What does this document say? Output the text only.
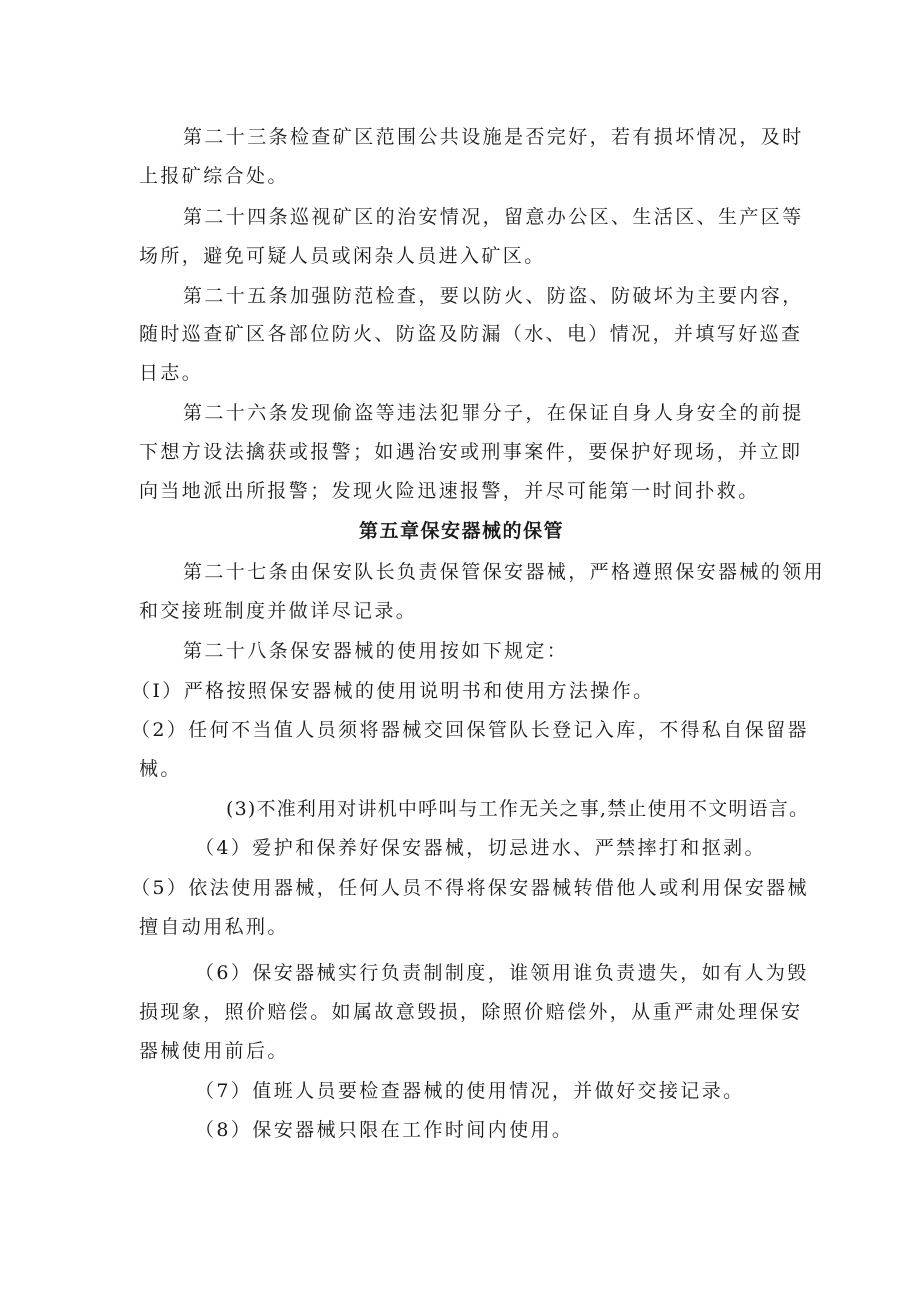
第二十三条检查矿区范围公共设施是否完好，若有损坏情况，及时
上报矿综合处。
第二十四条巡视矿区的治安情况，留意办公区、生活区、生产区等
场所，避免可疑人员或闲杂人员进入矿区。
第二十五条加强防范检查，要以防火、防盗、防破坏为主要内容，
随时巡查矿区各部位防火、防盗及防漏（水、电）情况，并填写好巡查
日志。
第二十六条发现偷盗等违法犯罪分子，在保证自身人身安全的前提
下想方设法擒获或报警；如遇治安或刑事案件，要保护好现场，并立即
向当地派出所报警；发现火险迅速报警，并尽可能第一时间扑救。
第五章保安器械的保管
第二十七条由保安队长负责保管保安器械，严格遵照保安器械的领用
和交接班制度并做详尽记录。
第二十八条保安器械的使用按如下规定：
（I）严格按照保安器械的使用说明书和使用方法操作。
（2）任何不当值人员须将器械交回保管队长登记入库，不得私自保留器
械。
(3)不准利用对讲机中呼叫与工作无关之事,禁止使用不文明语言。
（4）爱护和保养好保安器械，切忌进水、严禁摔打和抠剥。
（5）依法使用器械，任何人员不得将保安器械转借他人或利用保安器械
擅自动用私刑。
（6）保安器械实行负责制制度，谁领用谁负责遗失，如有人为毁
损现象，照价赔偿。如属故意毁损，除照价赔偿外，从重严肃处理保安
器械使用前后。
（7）值班人员要检查器械的使用情况，并做好交接记录。
（8）保安器械只限在工作时间内使用。
